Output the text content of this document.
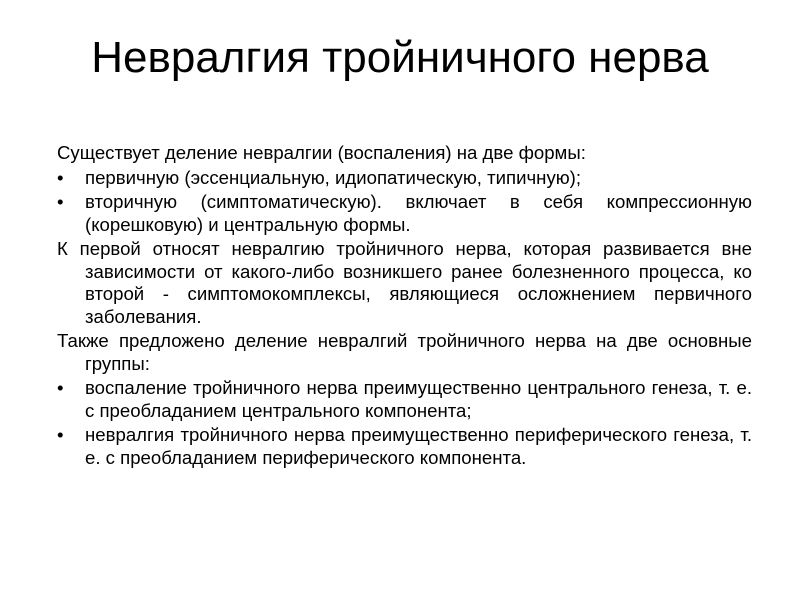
Невралгия тройничного нерва

Существует деление невралгии (воспаления) на две формы:

• первичную (эссенциальную, идиопатическую, типичную);
• вторичную (симптоматическую). включает в себя компрессионную (корешковую) и центральную формы.

К первой относят невралгию тройничного нерва, которая развивается вне зависимости от какого-либо возникшего ранее болезненного процесса, ко второй - симптомокомплексы, являющиеся осложнением первичного заболевания.

Также предложено деление невралгий тройничного нерва на две основные группы:

• воспаление тройничного нерва преимущественно центрального генеза, т. е. с преобладанием центрального компонента;
• невралгия тройничного нерва преимущественно периферического генеза, т. е. с преобладанием периферического компонента.
